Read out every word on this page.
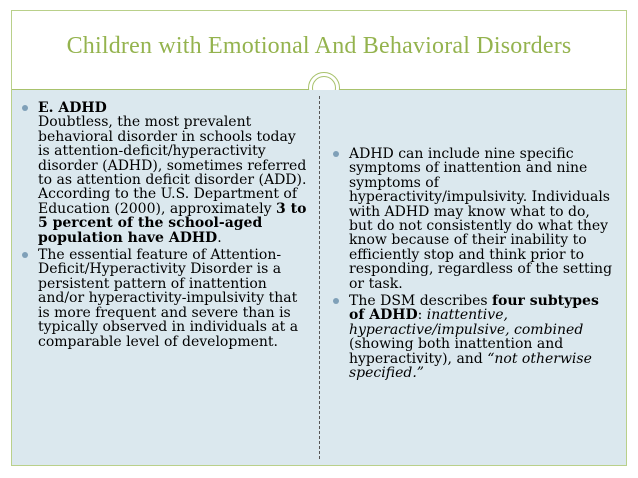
Children with Emotional And Behavioral Disorders
E. ADHD
Doubtless, the most prevalent behavioral disorder in schools today is attention-deficit/hyperactivity disorder (ADHD), sometimes referred to as attention deficit disorder (ADD). According to the U.S. Department of Education (2000), approximately 3 to 5 percent of the school-aged population have ADHD.
The essential feature of Attention-Deficit/Hyperactivity Disorder is a persistent pattern of inattention and/or hyperactivity-impulsivity that is more frequent and severe than is typically observed in individuals at a comparable level of development.
ADHD can include nine specific symptoms of inattention and nine symptoms of hyperactivity/impulsivity. Individuals with ADHD may know what to do, but do not consistently do what they know because of their inability to efficiently stop and think prior to responding, regardless of the setting or task.
The DSM describes four subtypes of ADHD: inattentive, hyperactive/impulsive, combined (showing both inattention and hyperactivity), and “not otherwise specified.”
